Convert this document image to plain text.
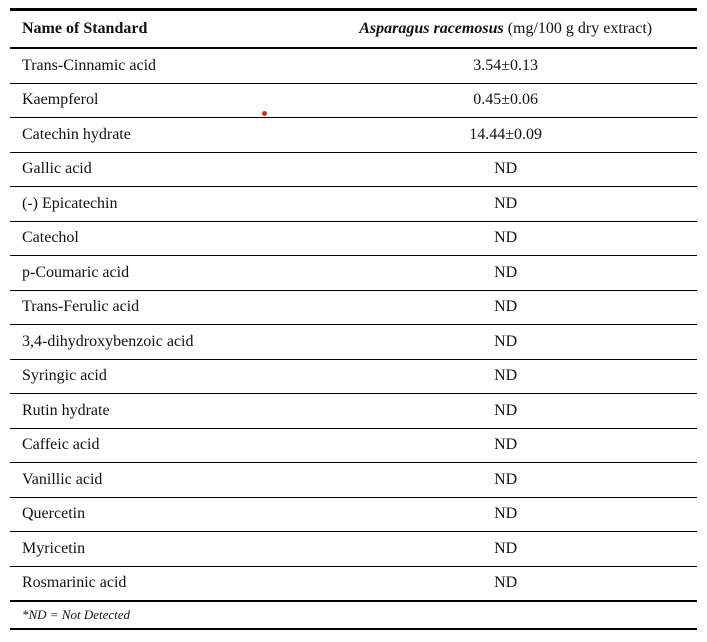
Name of Standard	Asparagus racemosus (mg/100 g dry extract)
Trans-Cinnamic acid	3.54±0.13
Kaempferol	0.45±0.06
Catechin hydrate	14.44±0.09
Gallic acid	ND
(-) Epicatechin	ND
Catechol	ND
p-Coumaric acid	ND
Trans-Ferulic acid	ND
3,4-dihydroxybenzoic acid	ND
Syringic acid	ND
Rutin hydrate	ND
Caffeic acid	ND
Vanillic acid	ND
Quercetin	ND
Myricetin	ND
Rosmarinic acid	ND
*ND = Not Detected	
